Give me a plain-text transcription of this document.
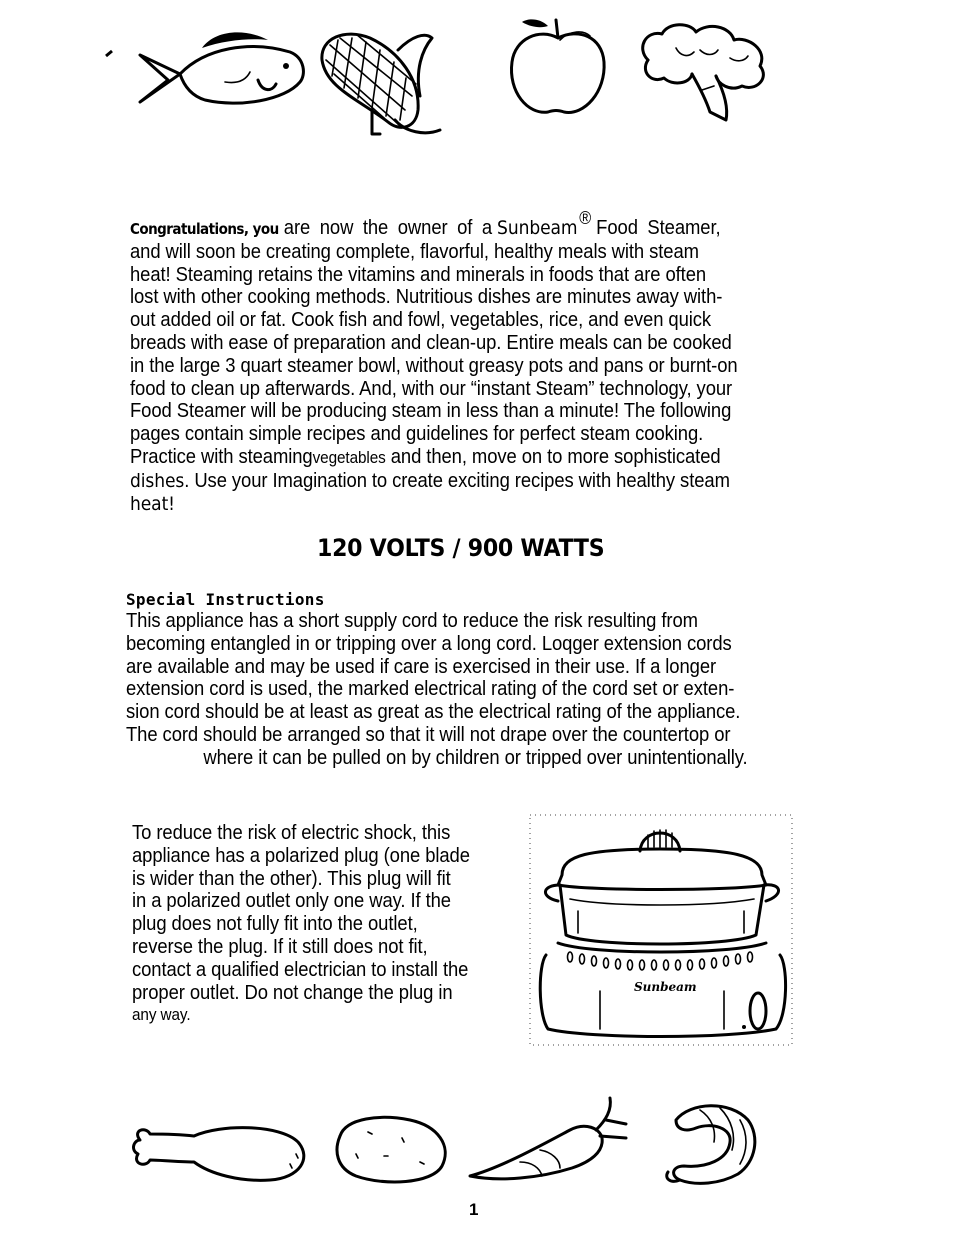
Congratulations, you are now the owner of a Sunbeam ® Food Steamer,
and will soon be creating complete, flavorful, healthy meals with steam
heat! Steaming retains the vitamins and minerals in foods that are often
lost with other cooking methods. Nutritious dishes are minutes away with-
out added oil or fat. Cook fish and fowl, vegetables, rice, and even quick
breads with ease of preparation and clean-up. Entire meals can be cooked
in the large 3 quart steamer bowl, without greasy pots and pans or burnt-on
food to clean up afterwards. And, with our “instant Steam” technology, your
Food Steamer will be producing steam in less than a minute! The following
pages contain simple recipes and guidelines for perfect steam cooking.
Practice with steamingvegetables and then, move on to more sophisticated
dishes. Use your Imagination to create exciting recipes with healthy steam
heat!
120 VOLTS / 900 WATTS
Special Instructions
This appliance has a short supply cord to reduce the risk resulting from
becoming entangled in or tripping over a long cord. Loqger extension cords
are available and may be used if care is exercised in their use. If a longer
extension cord is used, the marked electrical rating of the cord set or exten-
sion cord should be at least as great as the electrical rating of the appliance.
The cord should be arranged so that it will not drape over the countertop or
where it can be pulled on by children or tripped over unintentionally.
To reduce the risk of electric shock, this
appliance has a polarized plug (one blade
is wider than the other). This plug will fit
in a polarized outlet only one way. If the
plug does not fully fit into the outlet,
reverse the plug. If it still does not fit,
contact a qualified electrician to install the
proper outlet. Do not change the plug in
any way.
Sunbeam
1
